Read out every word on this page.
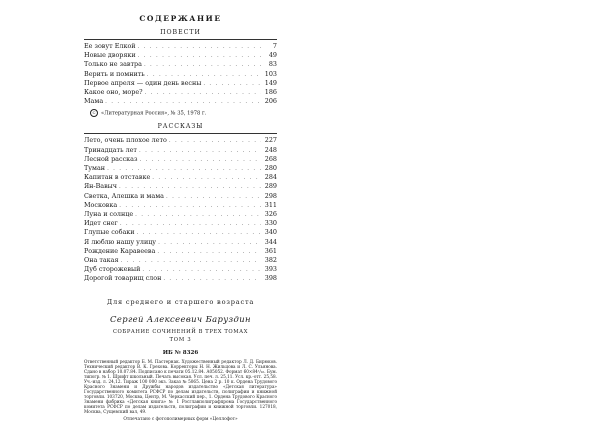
СОДЕРЖАНИЕ
ПОВЕСТИ
Ее зовут Елкой . . .	7
Новые дворяки . . .	49
Только не завтра . . .	83
Верить и помнить . . .	103
Первое апреля — один день весны . . .	149
Какое оно, море? . . .	186
Мама . . .	206
C «Литературная Россия», № 35, 1978 г.
РАССКАЗЫ
Лето, очень плохое лето . . .	227
Тринадцать лет . . .	248
Лесной рассказ . . .	268
Туман . . .	280
Капитан в отставке . . .	284
Ян-Вавыч . . .	289
Светка, Алешка и мама . . .	298
Московка . . .	311
Луна и солнце . . .	326
Идет снег . . .	330
Глупые собаки . . .	340
Я люблю нашу улицу . . .	344
Рождение Каравеева . . .	361
Она такая . . .	382
Дуб сторожевый . . .	393
Дорогой товарищ слон . . .	398
Для среднего и старшего возраста
Сергей Алексеевич Баруздин
СОБРАНИЕ СОЧИНЕНИЙ В ТРЕХ ТОМАХ
ТОМ 3
ИБ № 8326
Ответственный редактор Б. М. Пастернак. Художественный редактор Л. Д. Бирюков. Технический редактор В. К. Грехова. Корректоры Н. Н. Жильцова и Л. С. Ульянова. Сдано в набор 10.07.84. Подписано к печати 05.12.84. А05052. Формат 60×84¹/₁₆. Бум. типогр. № 1. Шрифт школьный. Печать высокая. Усл. печ. л. 25,11. Усл. кр.-отт. 25,58. Уч.-изд. л. 24,12. Тираж 100 000 экз. Заказ № 5065. Цена 2 р. 10 к. Ордена Трудового Красного Знамени и Дружбы народов издательство «Детская литература» Государственного комитета РСФСР по делам издательств, полиграфии и книжной торговли. 103720, Москва, Центр, М. Черкасский пер., 1. Ордена Трудового Красного Знамени фабрика «Детская книга» № 1 Росглавполиграфпрома Государственного комитета РСФСР по делам издательств, полиграфии и книжной торговли. 127018, Москва, Сущевский вал, 49.
Отпечатано с фотополимерных форм «Целлофот»
